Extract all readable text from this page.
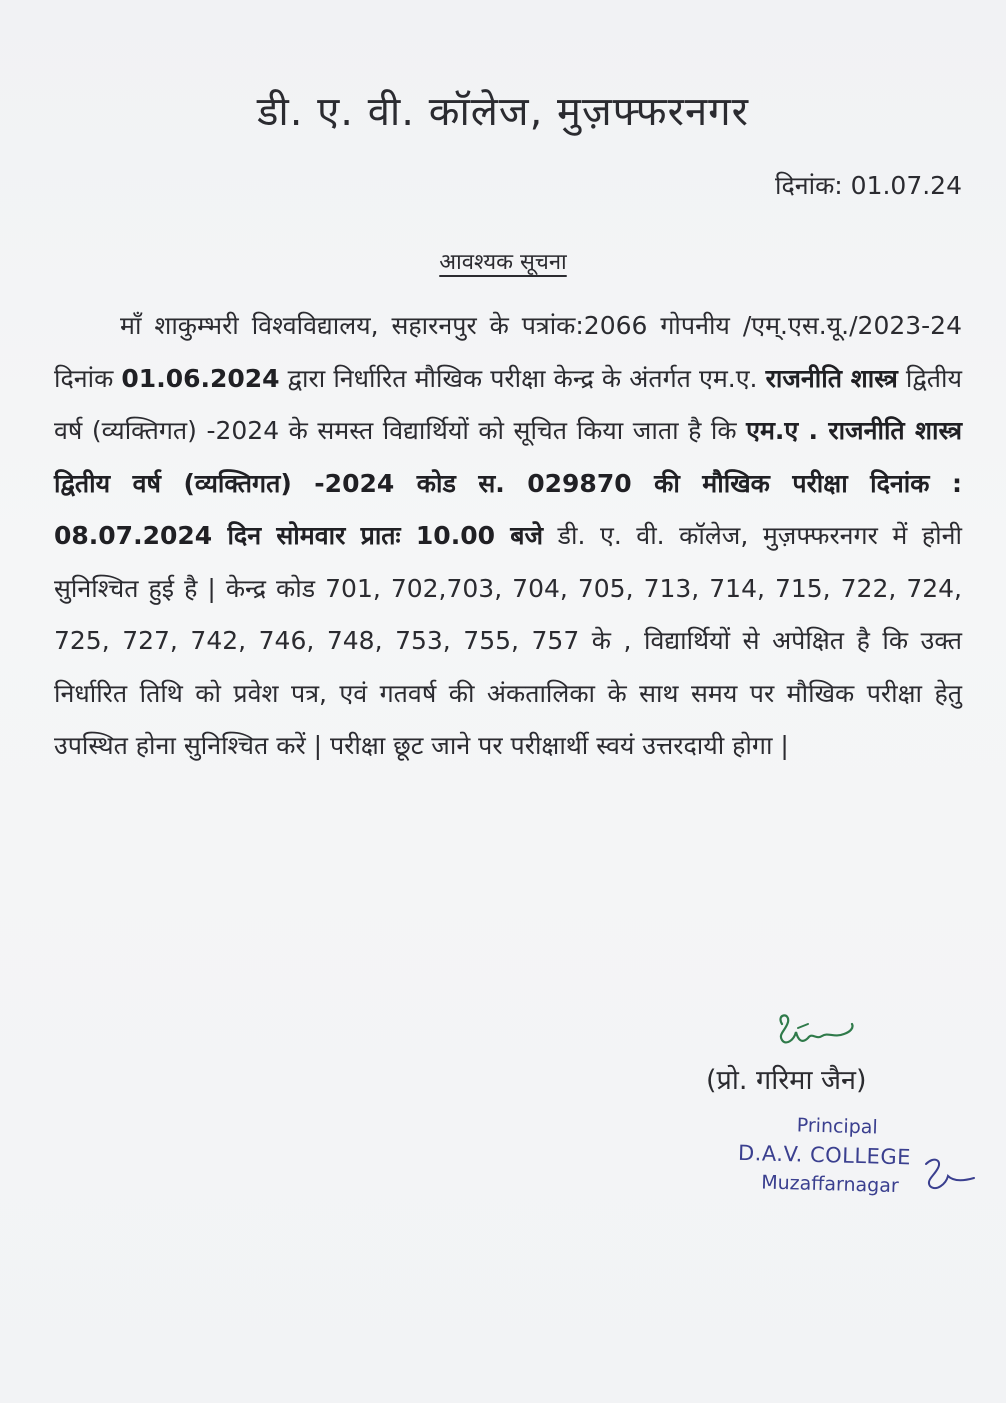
डी. ए. वी. कॉलेज, मुज़फ्फरनगर
दिनांक: 01.07.24
आवश्यक सूचना

माँ शाकुम्भरी विश्वविद्यालय, सहारनपुर के पत्रांक:2066 गोपनीय /एम्.एस.यू./2023-24 दिनांक 01.06.2024 द्वारा निर्धारित मौखिक परीक्षा केन्द्र के अंतर्गत एम.ए. राजनीति शास्त्र द्वितीय वर्ष (व्यक्तिगत) -2024 के समस्त विद्यार्थियों को सूचित किया जाता है कि एम.ए . राजनीति शास्त्र द्वितीय वर्ष (व्यक्तिगत) -2024 कोड स. 029870 की मौखिक परीक्षा दिनांक : 08.07.2024 दिन सोमवार प्रातः 10.00 बजे डी. ए. वी. कॉलेज, मुज़फ्फरनगर में होनी सुनिश्चित हुई है | केन्द्र कोड 701, 702,703, 704, 705, 713, 714, 715, 722, 724, 725, 727, 742, 746, 748, 753, 755, 757 के , विद्यार्थियों से अपेक्षित है कि उक्त निर्धारित तिथि को प्रवेश पत्र, एवं गतवर्ष की अंकतालिका के साथ समय पर मौखिक परीक्षा हेतु उपस्थित होना सुनिश्चित करें | परीक्षा छूट जाने पर परीक्षार्थी स्वयं उत्तरदायी होगा |

(प्रो. गरिमा जैन)
Principal
D.A.V. COLLEGE
Muzaffarnagar
